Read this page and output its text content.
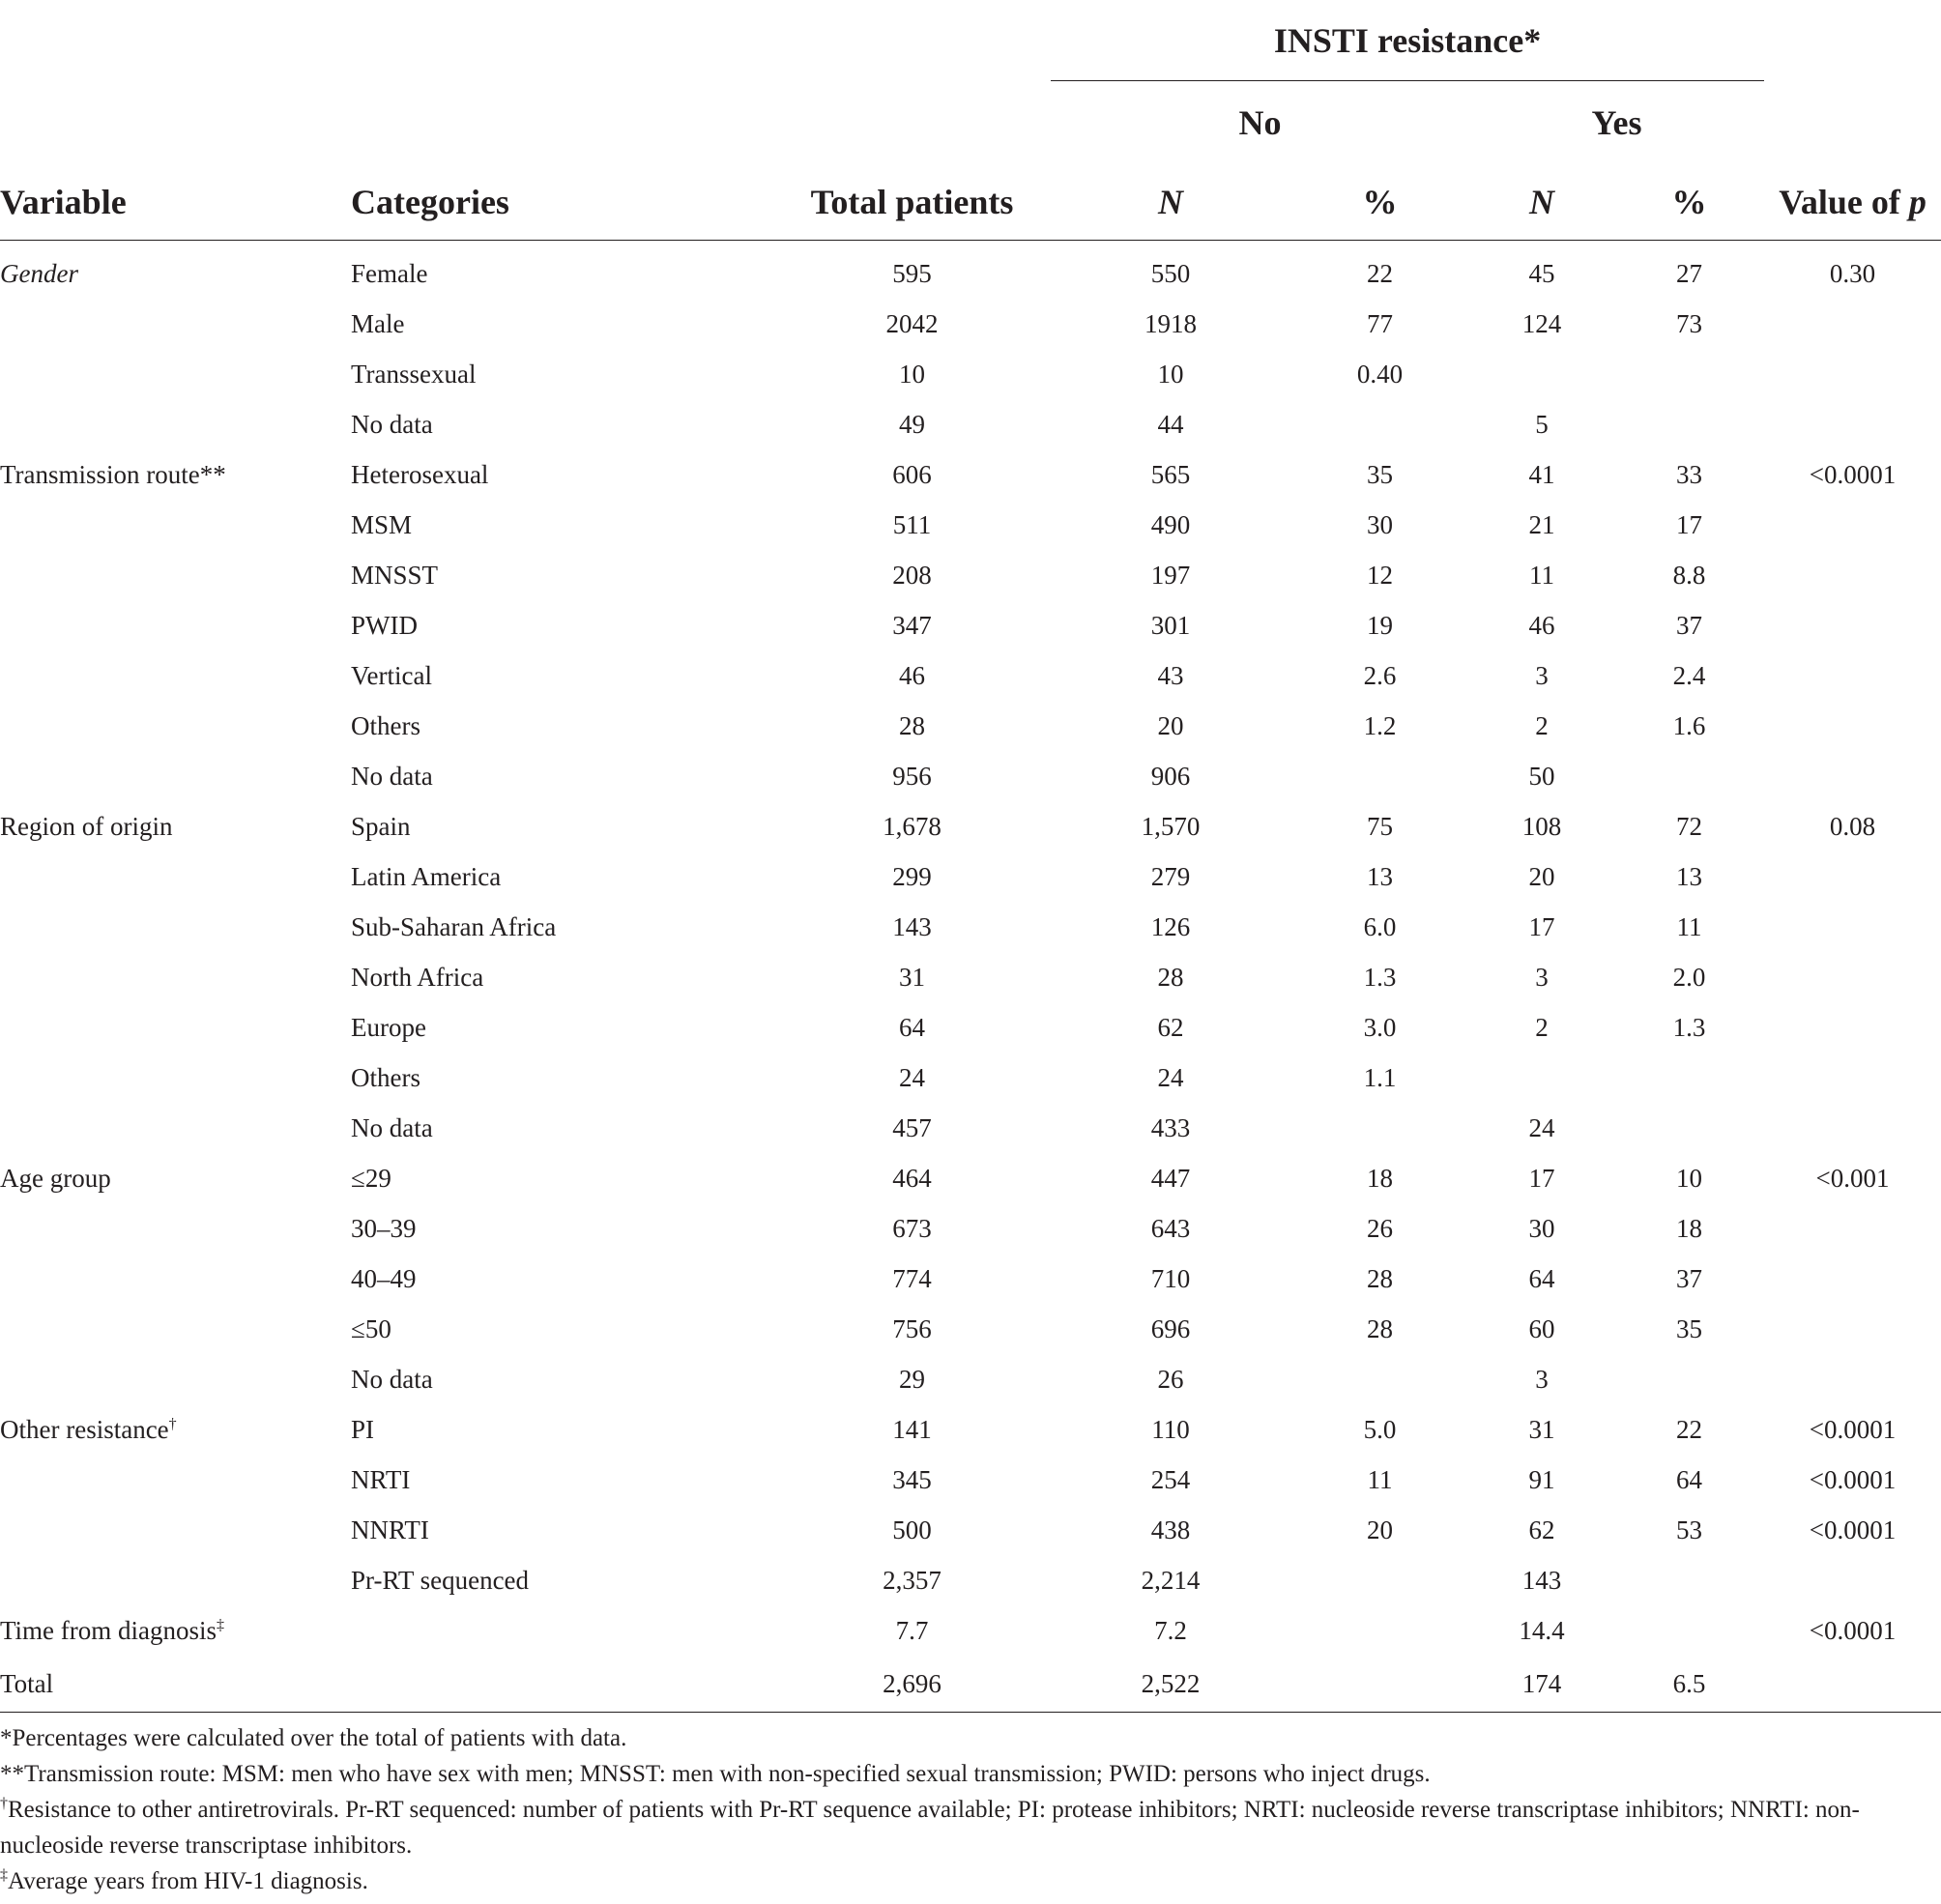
			INSTI resistance*				
			No		Yes		
Variable	Categories	Total patients	N	%	N	%	Value of p
Gender	Female	595	550	22	45	27	0.30
	Male	2042	1918	77	124	73	
	Transsexual	10	10	0.40			
	No data	49	44		5		
Transmission route**	Heterosexual	606	565	35	41	33	<0.0001
	MSM	511	490	30	21	17	
	MNSST	208	197	12	11	8.8	
	PWID	347	301	19	46	37	
	Vertical	46	43	2.6	3	2.4	
	Others	28	20	1.2	2	1.6	
	No data	956	906		50		
Region of origin	Spain	1,678	1,570	75	108	72	0.08
	Latin America	299	279	13	20	13	
	Sub-Saharan Africa	143	126	6.0	17	11	
	North Africa	31	28	1.3	3	2.0	
	Europe	64	62	3.0	2	1.3	
	Others	24	24	1.1			
	No data	457	433		24		
Age group	≤29	464	447	18	17	10	<0.001
	30–39	673	643	26	30	18	
	40–49	774	710	28	64	37	
	≤50	756	696	28	60	35	
	No data	29	26		3		
Other resistance†	PI	141	110	5.0	31	22	<0.0001
	NRTI	345	254	11	91	64	<0.0001
	NNRTI	500	438	20	62	53	<0.0001
	Pr-RT sequenced	2,357	2,214		143		
Time from diagnosis‡		7.7	7.2		14.4		<0.0001
Total		2,696	2,522		174	6.5	

*Percentages were calculated over the total of patients with data.

**Transmission route: MSM: men who have sex with men; MNSST: men with non-specified sexual transmission; PWID: persons who inject drugs.

†Resistance to other antiretrovirals. Pr-RT sequenced: number of patients with Pr-RT sequence available; PI: protease inhibitors; NRTI: nucleoside reverse transcriptase inhibitors; NNRTI: non-nucleoside reverse transcriptase inhibitors.

‡Average years from HIV-1 diagnosis.
